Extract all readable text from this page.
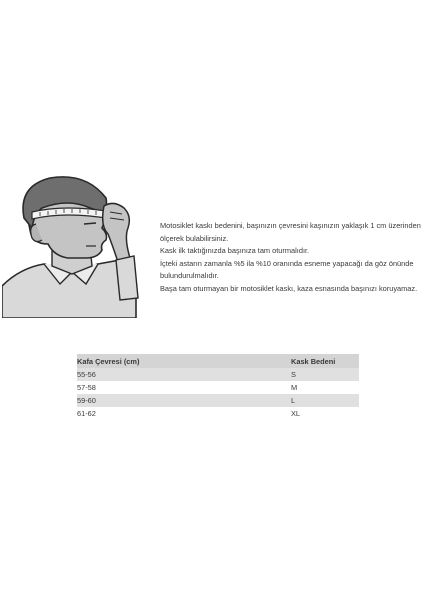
Motosiklet kaskı bedenini, başınızın çevresini kaşınızın yaklaşık 1 cm üzerinden ölçerek bulabilirsiniz.

Kask ilk taktığınızda başınıza tam oturmalıdır.

İçteki astarın zamanla %5 ila %10 oranında esneme yapacağı da göz önünde bulundurulmalıdır.

Başa tam oturmayan bir motosiklet kaskı, kaza esnasında başınızı koruyamaz.

Kafa Çevresi (cm)	Kask Bedeni
55-56	S
57-58	M
59-60	L
61-62	XL
